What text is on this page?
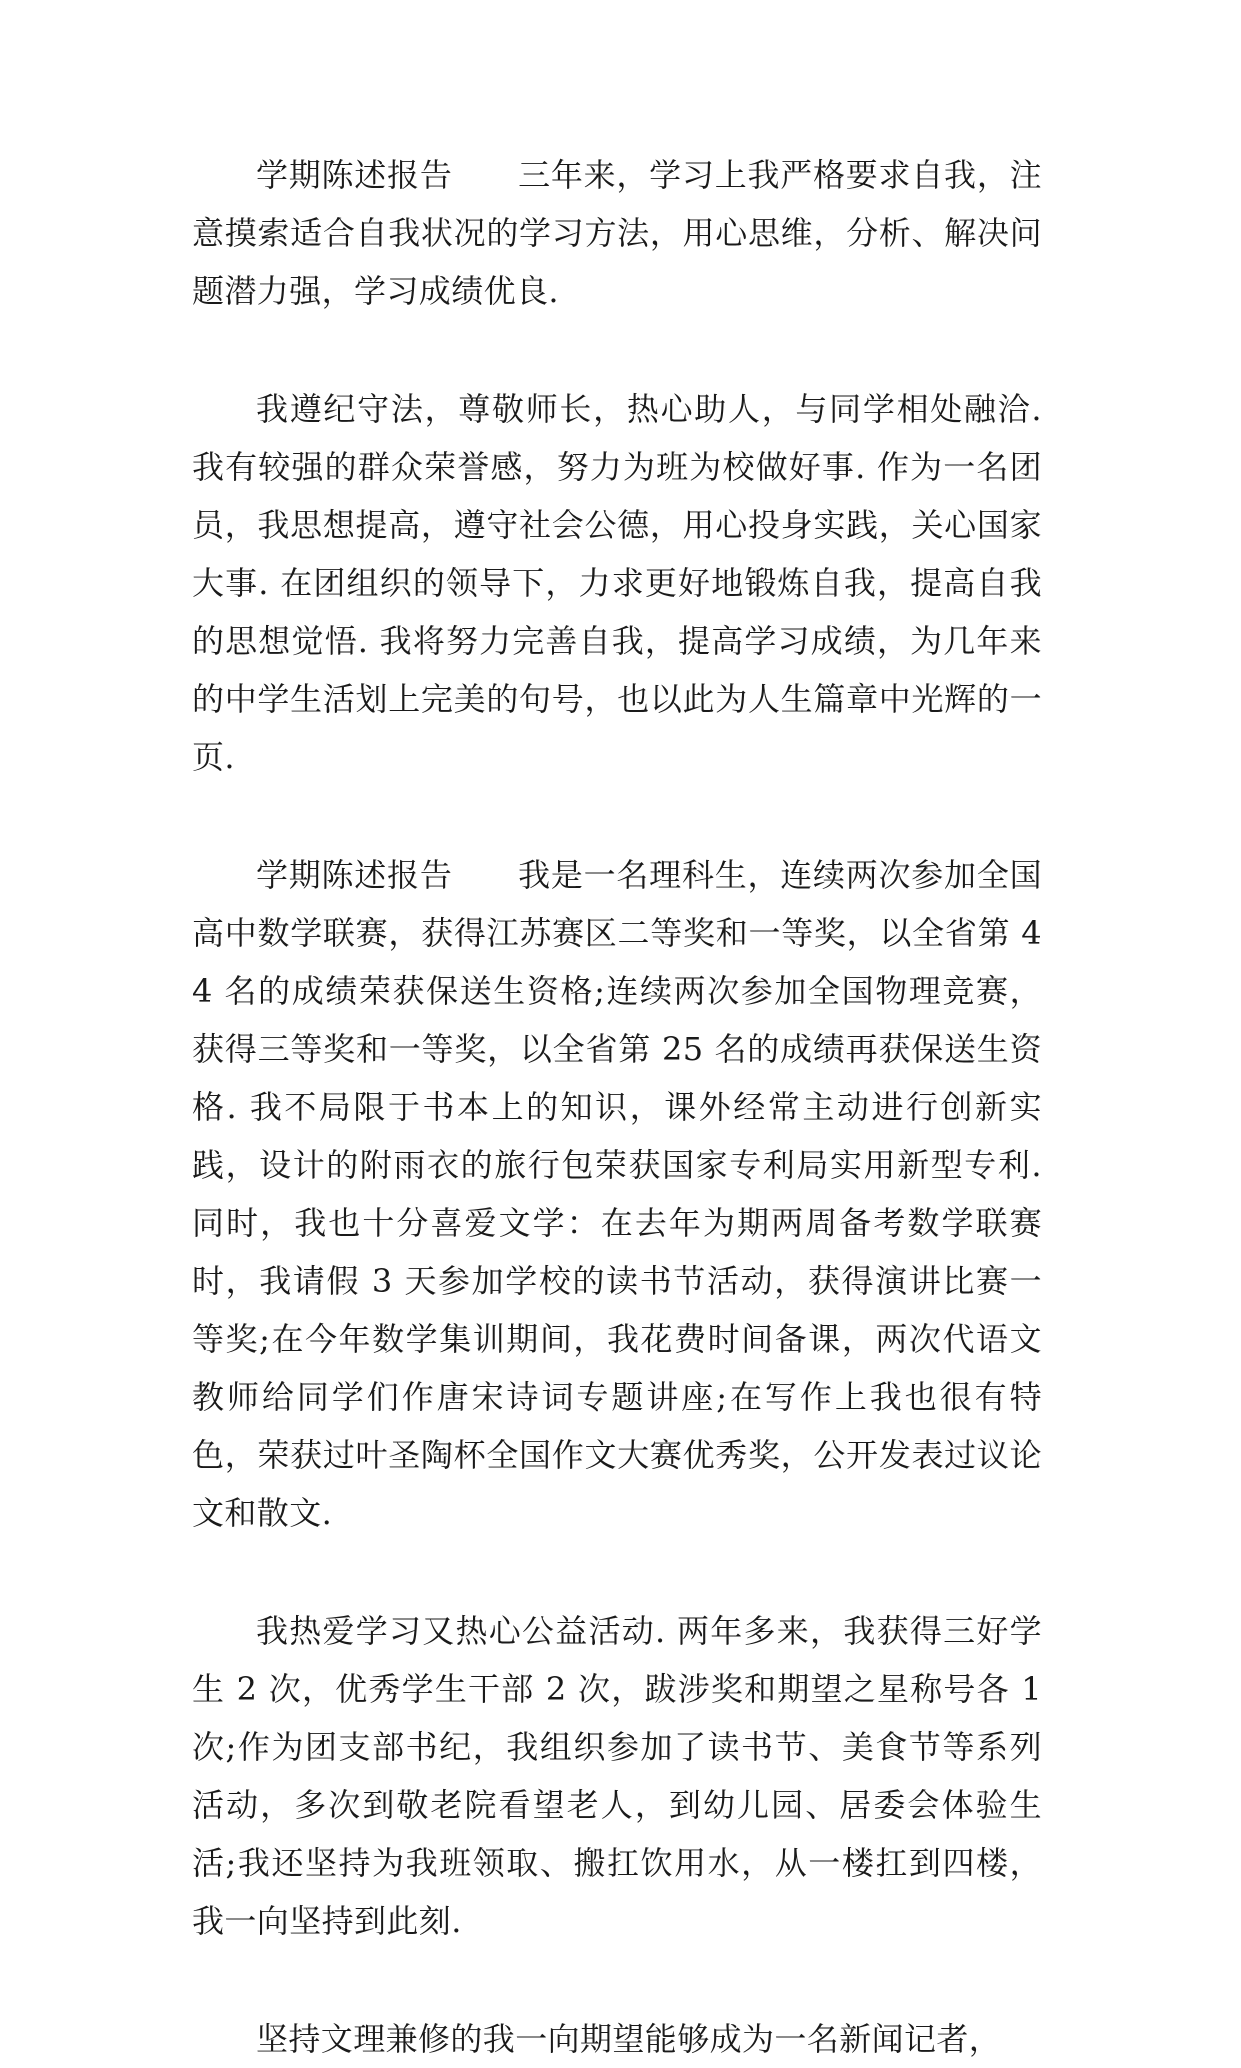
学期陈述报告　　三年来，学习上我严格要求自我，注意摸索适合自我状况的学习方法，用心思维，分析、解决问题潜力强，学习成绩优良.

我遵纪守法，尊敬师长，热心助人，与同学相处融洽.我有较强的群众荣誉感，努力为班为校做好事. 作为一名团员，我思想提高，遵守社会公德，用心投身实践，关心国家大事. 在团组织的领导下，力求更好地锻炼自我，提高自我的思想觉悟. 我将努力完善自我，提高学习成绩，为几年来的中学生活划上完美的句号，也以此为人生篇章中光辉的一页.

学期陈述报告　　我是一名理科生，连续两次参加全国高中数学联赛，获得江苏赛区二等奖和一等奖，以全省第 44 名的成绩荣获保送生资格;连续两次参加全国物理竞赛，获得三等奖和一等奖，以全省第 25 名的成绩再获保送生资格. 我不局限于书本上的知识，课外经常主动进行创新实践，设计的附雨衣的旅行包荣获国家专利局实用新型专利. 同时，我也十分喜爱文学：在去年为期两周备考数学联赛时，我请假 3 天参加学校的读书节活动，获得演讲比赛一等奖;在今年数学集训期间，我花费时间备课，两次代语文教师给同学们作唐宋诗词专题讲座;在写作上我也很有特色，荣获过叶圣陶杯全国作文大赛优秀奖，公开发表过议论文和散文.

我热爱学习又热心公益活动. 两年多来，我获得三好学生 2 次，优秀学生干部 2 次，跋涉奖和期望之星称号各 1 次;作为团支部书纪，我组织参加了读书节、美食节等系列活动，多次到敬老院看望老人，到幼儿园、居委会体验生活;我还坚持为我班领取、搬扛饮用水，从一楼扛到四楼，我一向坚持到此刻.

坚持文理兼修的我一向期望能够成为一名新闻记者，
